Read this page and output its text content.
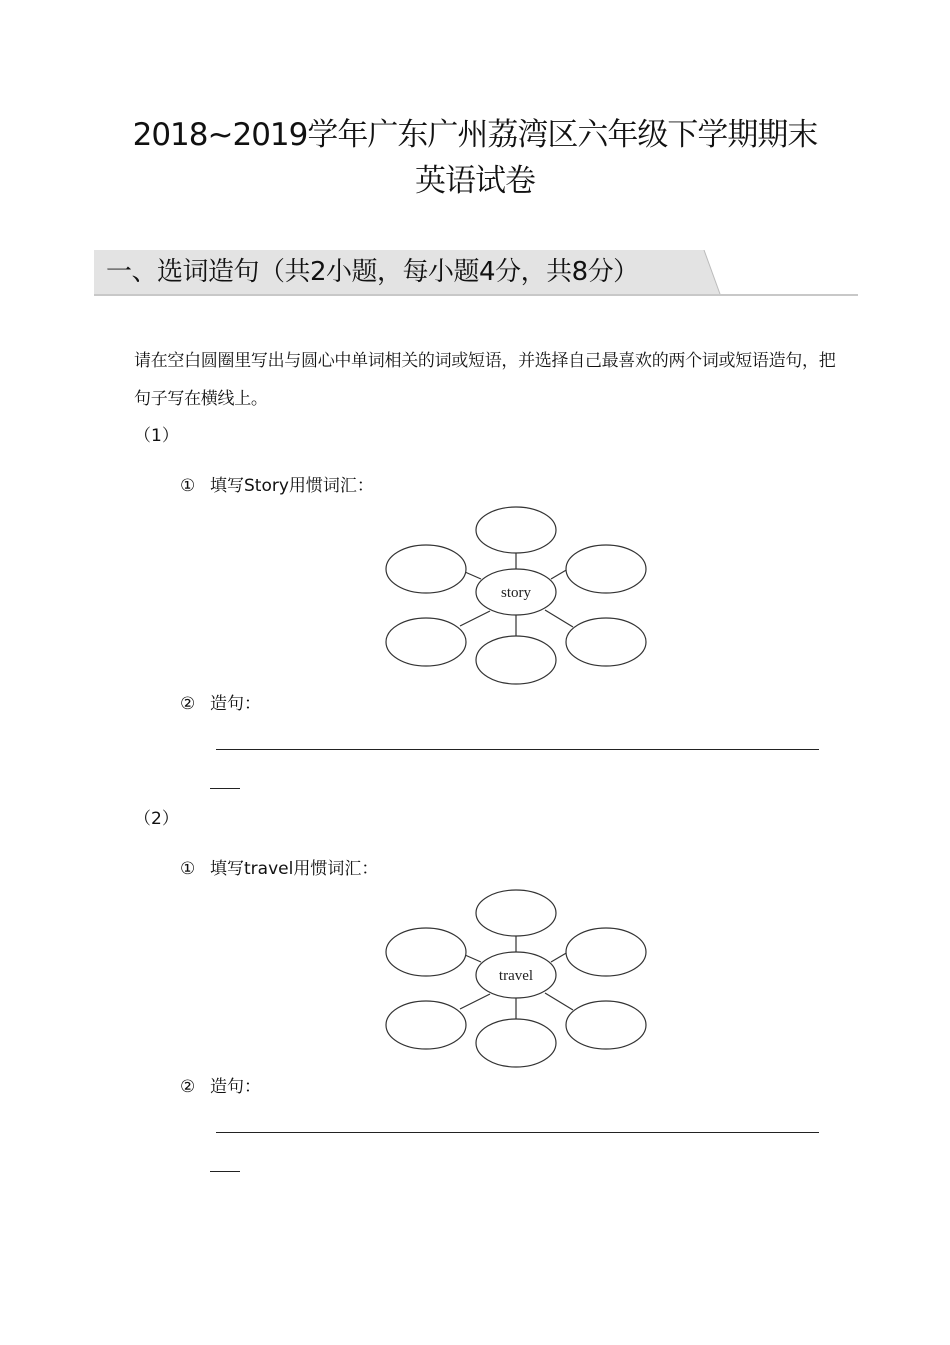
2018~2019学年广东广州荔湾区六年级下学期期末
英语试卷
一、选词造句（共2小题，每小题4分，共8分）
请在空白圆圈里写出与圆心中单词相关的词或短语，并选择自己最喜欢的两个词或短语造句，把句子写在横线上。
（1）
① 填写Story用惯词汇：
story
② 造句：
（2）
① 填写travel用惯词汇：
travel
② 造句：
